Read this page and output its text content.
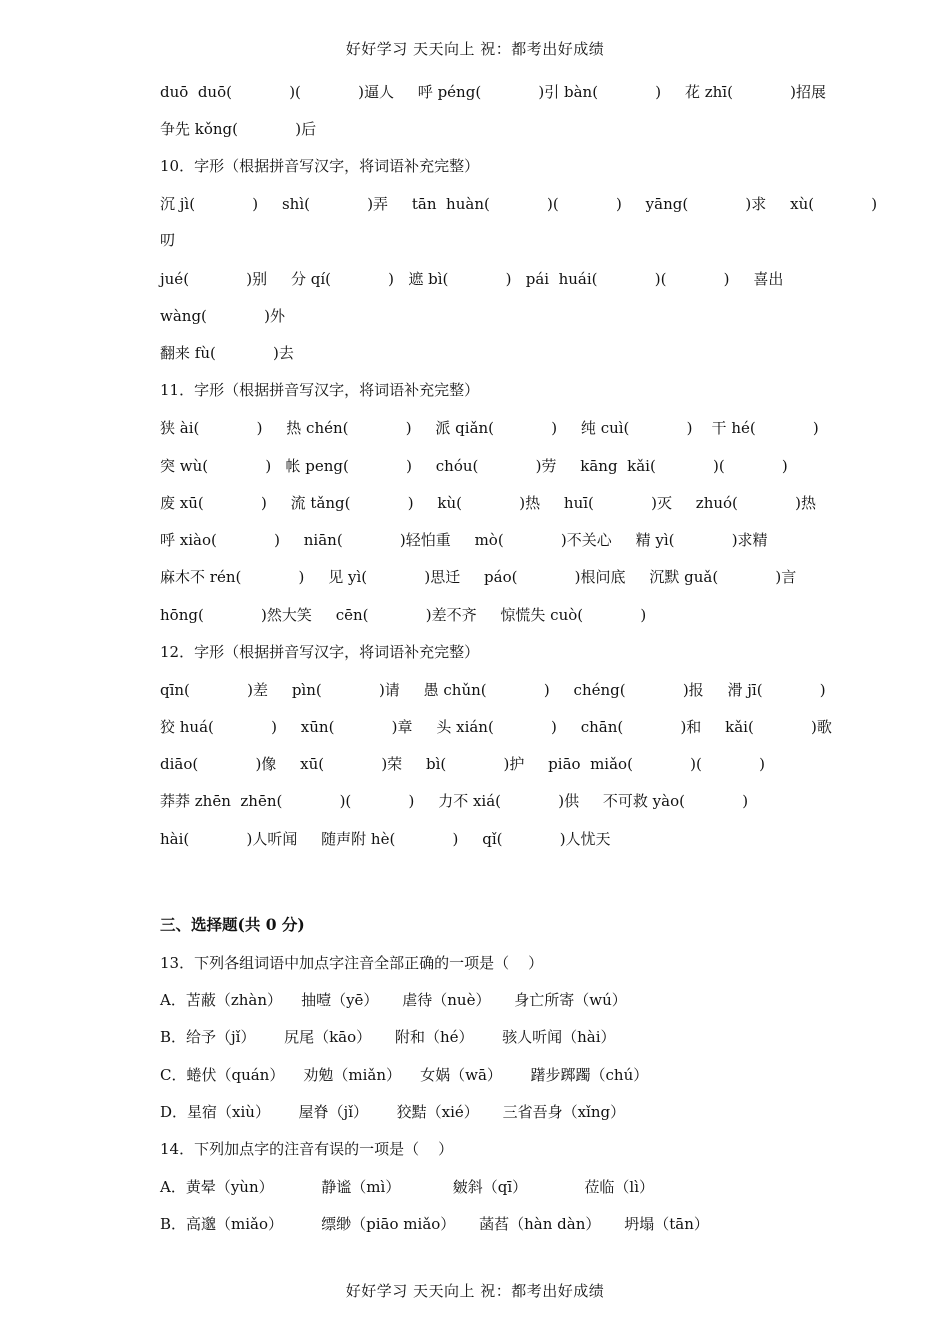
好好学习 天天向上 祝：都考出好成绩
duō  duō(            )(            )逼人     呼 péng(            )引 bàn(            )     花 zhī(            )招展
争先 kǒng(            )后
10．字形（根据拼音写汉字，将词语补充完整）
沉 jì(            )     shì(            )弄     tān  huàn(            )(            )     yāng(            )求     xù(            )
叨
jué(            )别     分 qí(            )   遮 bì(            )   pái  huái(            )(            )     喜出
wàng(            )外
翻来 fù(            )去
11．字形（根据拼音写汉字，将词语补充完整）
狭 ài(            )     热 chén(            )     派 qiǎn(            )     纯 cuì(            )    干 hé(            )
突 wù(            )   帐 peng(            )     chóu(            )劳     kāng  kǎi(            )(            )
废 xū(            )     流 tǎng(            )     kù(            )热     huī(            )灭     zhuó(            )热
呼 xiào(            )     niān(            )轻怕重     mò(            )不关心     精 yì(            )求精
麻木不 rén(            )     见 yì(            )思迁     páo(            )根问底     沉默 guǎ(            )言
hōng(            )然大笑     cēn(            )差不齐     惊慌失 cuò(            )
12．字形（根据拼音写汉字，将词语补充完整）
qīn(            )差     pìn(            )请     愚 chǔn(            )     chéng(            )报     滑 jī(            )
狡 huá(            )     xūn(            )章     头 xián(            )     chān(            )和     kǎi(            )歌
diāo(            )像     xū(            )荣     bì(            )护     piāo  miǎo(            )(            )
莽莽 zhēn  zhēn(            )(            )     力不 xiá(            )供     不可救 yào(            )
hài(            )人听闻     随声附 hè(            )     qǐ(            )人忧天
三、选择题(共 0 分)
13．下列各组词语中加点字注音全部正确的一项是（    ）
A．苫蔽（zhàn）    抽噎（yē）     虐待（nuè）     身亡所寄（wú）
B．给予（jǐ）      尻尾（kāo）     附和（hé）      骇人听闻（hài）
C．蜷伏（quán）    劝勉（miǎn）    女娲（wā）      躇步踯躅（chú）
D．星宿（xiù）      屋脊（jǐ）      狡黠（xié）     三省吾身（xǐng）
14．下列加点字的注音有误的一项是（    ）
A．黄晕（yùn）          静谧（mì）           皴斜（qī）            莅临（lì）
B．高邈（miǎo）        缥缈（piāo miǎo）     菡萏（hàn dàn）     坍塌（tān）
好好学习 天天向上 祝：都考出好成绩
